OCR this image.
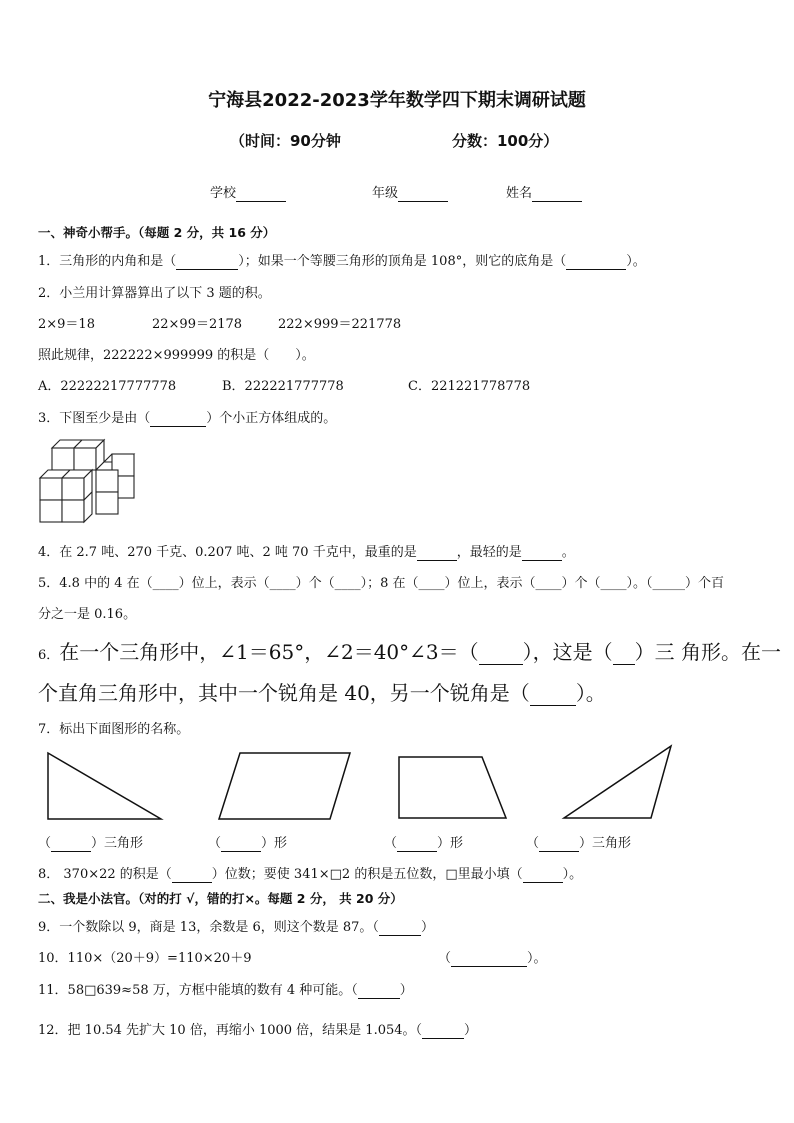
宁海县2022-2023学年数学四下期末调研试题
（时间：90分钟	分数：100分）
学校	年级	姓名
一、神奇小帮手。（每题 2 分，共 16 分）
1．三角形的内角和是（	）；如果一个等腰三角形的顶角是 108°，则它的底角是（	）。
2．小兰用计算器算出了以下 3 题的积。
2×9＝18	22×99＝2178	222×999＝221778
照此规律，222222×999999 的积是（　　）。
A．22222217777778	B．222221777778	C．221221778778
3．下图至少是由（	）个小正方体组成的。
4．在 2.7 吨、270 千克、0.207 吨、2 吨 70 千克中，最重的是	，最轻的是	。
5．4.8 中的 4 在（____）位上，表示（____）个（____）；8 在（____）位上，表示（____）个（____）。（_____）个百
分之一是 0.16。
6．在一个三角形中，∠1＝65°，∠2＝40°∠3＝（ ），这是（ ）三 角形。在一
个直角三角形中，其中一个锐角是 40，另一个锐角是（ ）。
7．标出下面图形的名称。
（	）三角形	（	）形	（	）形	（	）三角形
8． 370×22 的积是（	）位数；要使 341×□2 的积是五位数，□里最小填（	）。
二、我是小法官。（对的打 √，错的打×。每题 2 分， 共 20 分）
9．一个数除以 9，商是 13，余数是 6，则这个数是 87。（	）
10．110×（20＋9）=110×20＋9	（	）。
11．58□639≈58 万，方框中能填的数有 4 种可能。（	）
12．把 10.54 先扩大 10 倍，再缩小 1000 倍，结果是 1.054。（	）
